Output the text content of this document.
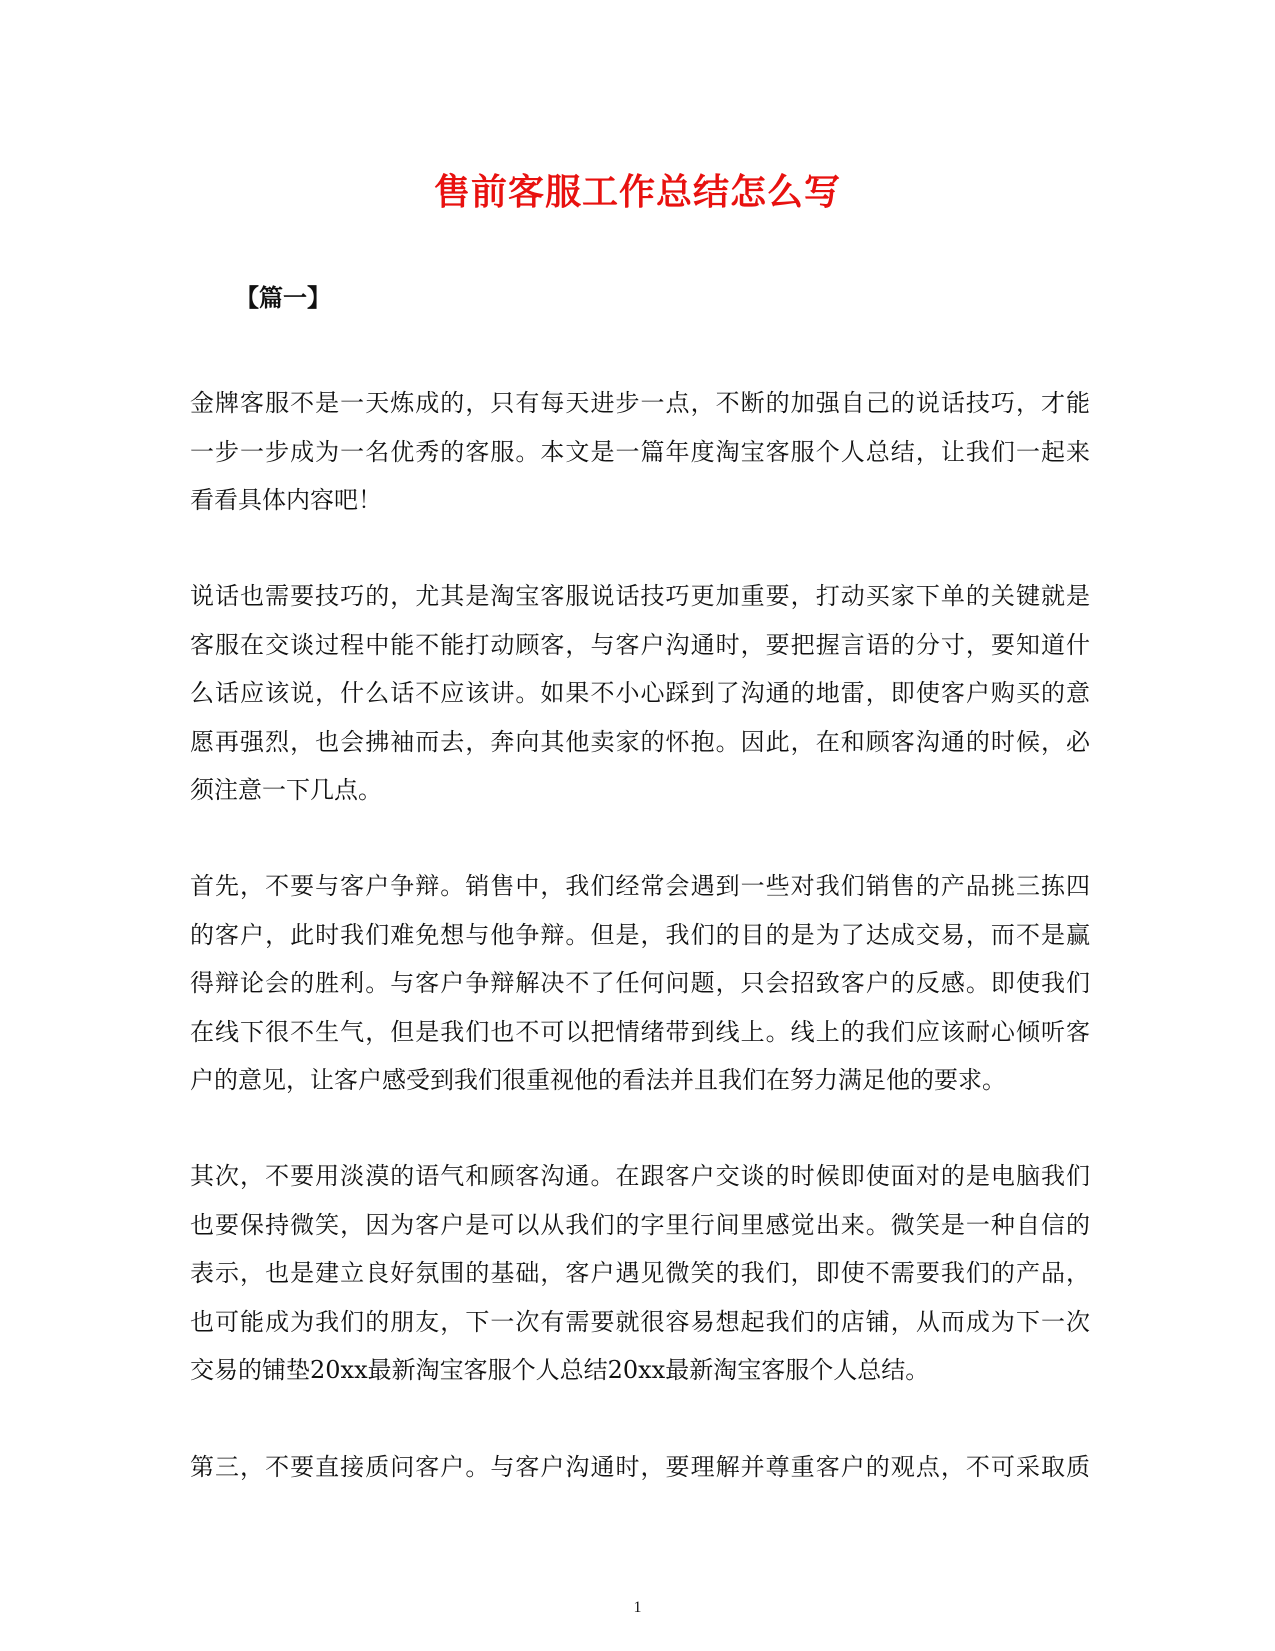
售前客服工作总结怎么写
【篇一】
金牌客服不是一天炼成的，只有每天进步一点，不断的加强自己的说话技巧，才能
一步一步成为一名优秀的客服。本文是一篇年度淘宝客服个人总结，让我们一起来
看看具体内容吧！
说话也需要技巧的，尤其是淘宝客服说话技巧更加重要，打动买家下单的关键就是
客服在交谈过程中能不能打动顾客，与客户沟通时，要把握言语的分寸，要知道什
么话应该说，什么话不应该讲。如果不小心踩到了沟通的地雷，即使客户购买的意
愿再强烈，也会拂袖而去，奔向其他卖家的怀抱。因此，在和顾客沟通的时候，必
须注意一下几点。
首先，不要与客户争辩。销售中，我们经常会遇到一些对我们销售的产品挑三拣四
的客户，此时我们难免想与他争辩。但是，我们的目的是为了达成交易，而不是赢
得辩论会的胜利。与客户争辩解决不了任何问题，只会招致客户的反感。即使我们
在线下很不生气，但是我们也不可以把情绪带到线上。线上的我们应该耐心倾听客
户的意见，让客户感受到我们很重视他的看法并且我们在努力满足他的要求。
其次，不要用淡漠的语气和顾客沟通。在跟客户交谈的时候即使面对的是电脑我们
也要保持微笑，因为客户是可以从我们的字里行间里感觉出来。微笑是一种自信的
表示，也是建立良好氛围的基础，客户遇见微笑的我们，即使不需要我们的产品，
也可能成为我们的朋友，下一次有需要就很容易想起我们的店铺，从而成为下一次
交易的铺垫20xx最新淘宝客服个人总结20xx最新淘宝客服个人总结。
第三，不要直接质问客户。与客户沟通时，要理解并尊重客户的观点，不可采取质
1
